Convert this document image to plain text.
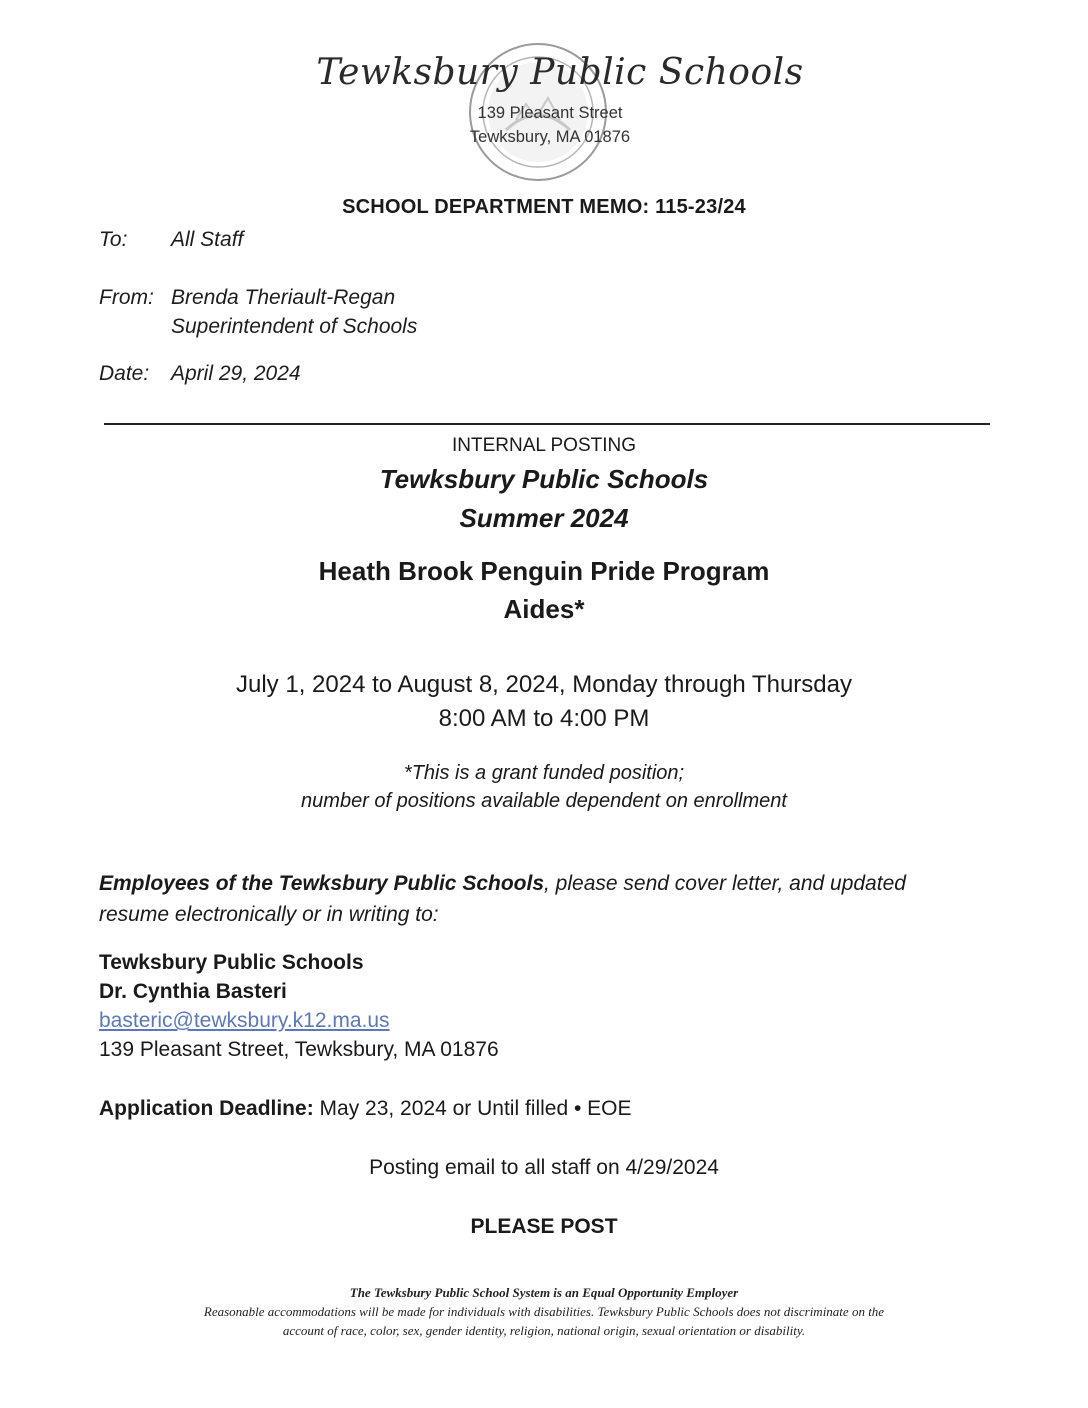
Tewksbury Public Schools
139 Pleasant Street
Tewksbury, MA 01876
SCHOOL DEPARTMENT MEMO: 115-23/24
To: All Staff
From: Brenda Theriault-Regan
Superintendent of Schools
Date: April 29, 2024
INTERNAL POSTING
Tewksbury Public Schools
Summer 2024
Heath Brook Penguin Pride Program
Aides*
July 1, 2024 to August 8, 2024, Monday through Thursday
8:00 AM to 4:00 PM
*This is a grant funded position;
number of positions available dependent on enrollment
Employees of the Tewksbury Public Schools, please send cover letter, and updated
resume electronically or in writing to:
Tewksbury Public Schools
Dr. Cynthia Basteri
basteric@tewksbury.k12.ma.us
139 Pleasant Street, Tewksbury, MA 01876
Application Deadline: May 23, 2024 or Until filled • EOE
Posting email to all staff on 4/29/2024
PLEASE POST
The Tewksbury Public School System is an Equal Opportunity Employer
Reasonable accommodations will be made for individuals with disabilities. Tewksbury Public Schools does not discriminate on the
account of race, color, sex, gender identity, religion, national origin, sexual orientation or disability.
